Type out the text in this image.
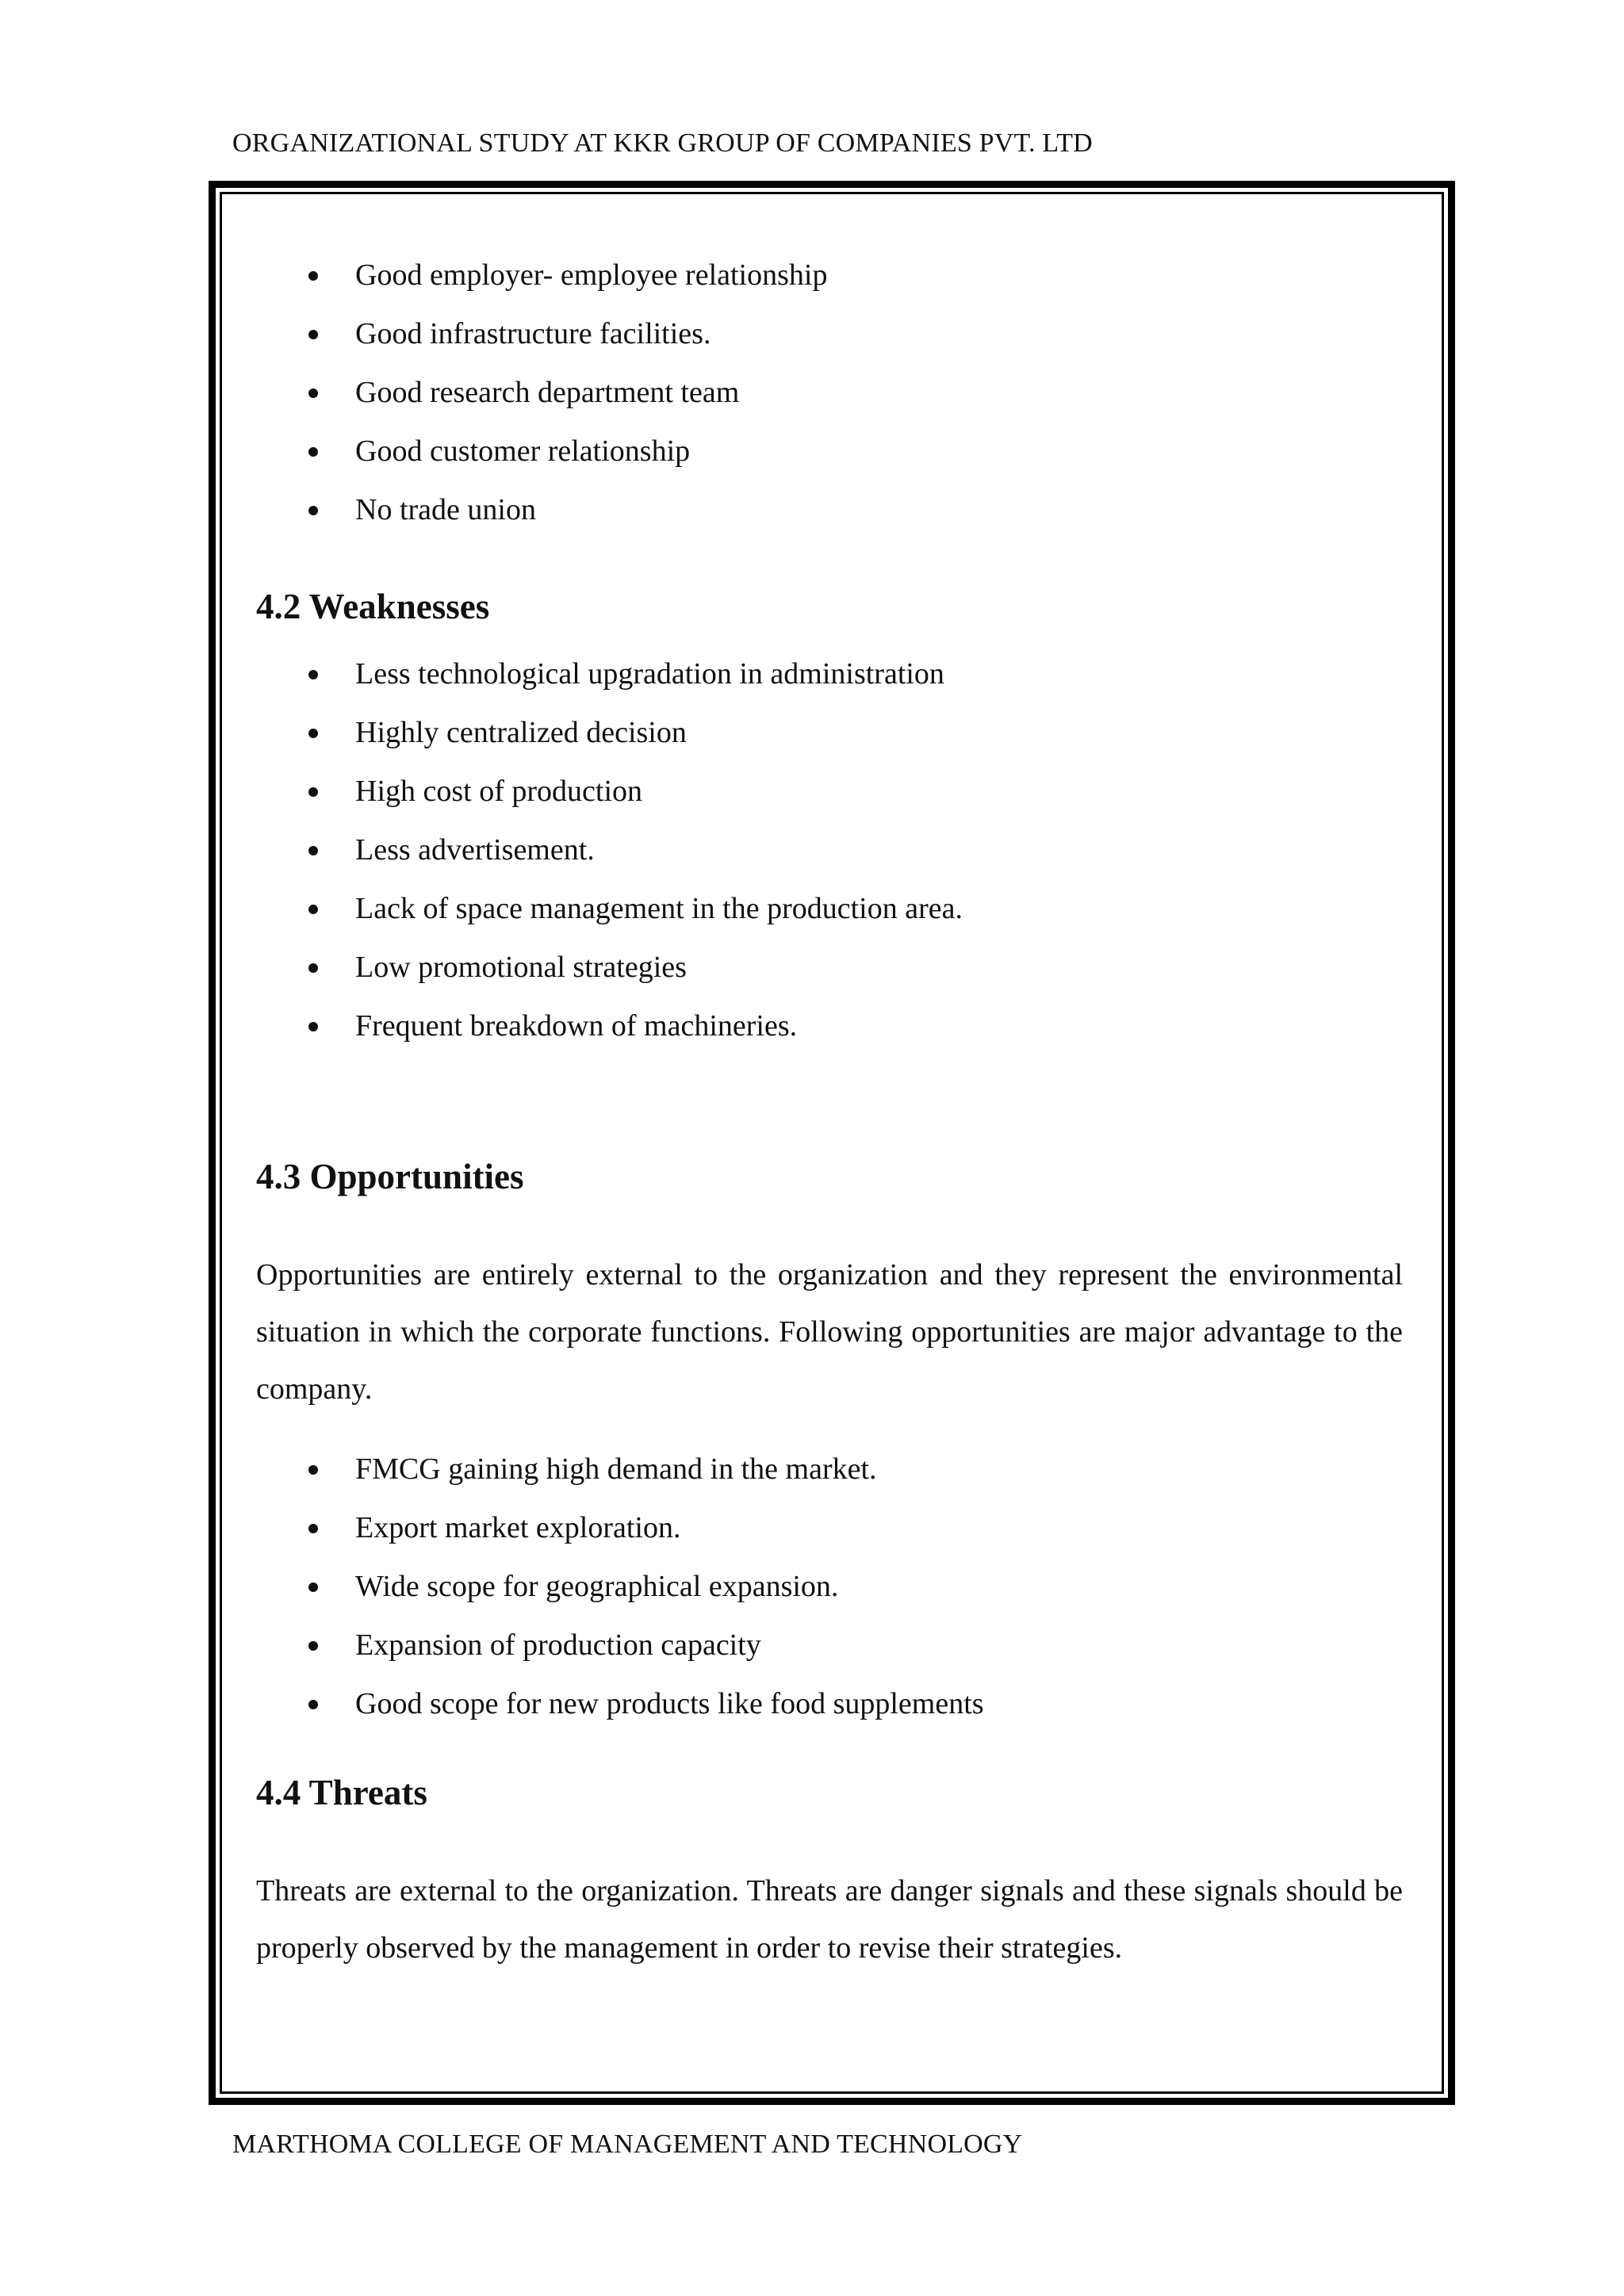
ORGANIZATIONAL STUDY AT KKR GROUP OF COMPANIES PVT. LTD
Good employer- employee relationship
Good infrastructure facilities.
Good research department team
Good customer relationship
No trade union
4.2 Weaknesses
Less technological upgradation in administration
Highly centralized decision
High cost of production
Less advertisement.
Lack of space management in the production area.
Low promotional strategies
Frequent breakdown of machineries.
4.3 Opportunities

Opportunities are entirely external to the organization and they represent the environmental situation in which the corporate functions. Following opportunities are major advantage to the company.

FMCG gaining high demand in the market.
Export market exploration.
Wide scope for geographical expansion.
Expansion of production capacity
Good scope for new products like food supplements
4.4 Threats

Threats are external to the organization. Threats are danger signals and these signals should be properly observed by the management in order to revise their strategies.

MARTHOMA COLLEGE OF MANAGEMENT AND TECHNOLOGY
